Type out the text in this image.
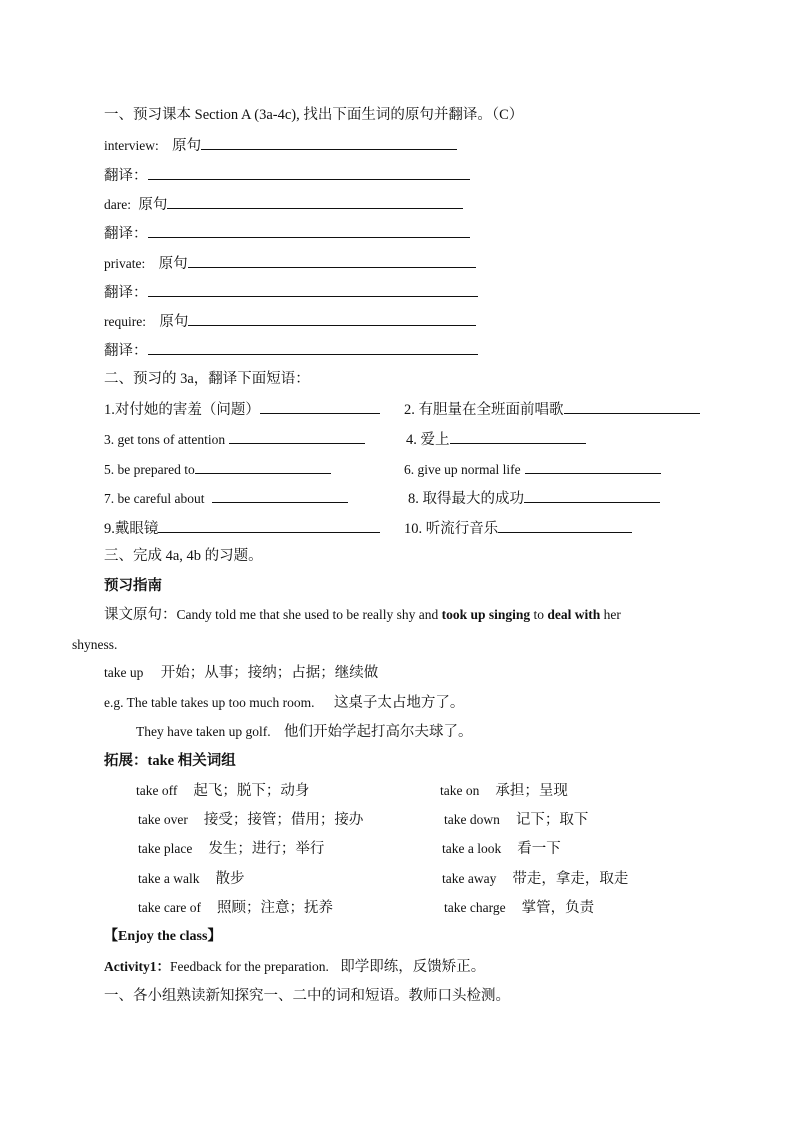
一、预习课本 Section A (3a-4c), 找出下面生词的原句并翻译。（C）
interview: 原句
翻译：
dare: 原句
翻译：
private: 原句
翻译：
require: 原句
翻译：
二、预习的 3a，翻译下面短语：
1.对付她的害羞（问题）	2. 有胆量在全班面前唱歌
3. get tons of attention	4. 爱上
5. be prepared to	6. give up normal life
7. be careful about	8. 取得最大的成功
9.戴眼镜	10. 听流行音乐
三、完成 4a, 4b 的习题。
预习指南
课文原句：Candy told me that she used to be really shy and took up singing to deal with her
shyness.
take up 开始；从事；接纳；占据；继续做
e.g. The table takes up too much room. 这桌子太占地方了。
They have taken up golf. 他们开始学起打高尔夫球了。
拓展：take 相关词组
take off 起飞；脱下；动身	take on 承担；呈现
take over 接受；接管；借用；接办	take down 记下；取下
take place 发生；进行；举行	take a look 看一下
take a walk 散步	take away 带走，拿走，取走
take care of 照顾；注意；抚养	take charge 掌管，负责
【Enjoy the class】
Activity1：Feedback for the preparation. 即学即练，反馈矫正。
一、各小组熟读新知探究一、二中的词和短语。教师口头检测。
